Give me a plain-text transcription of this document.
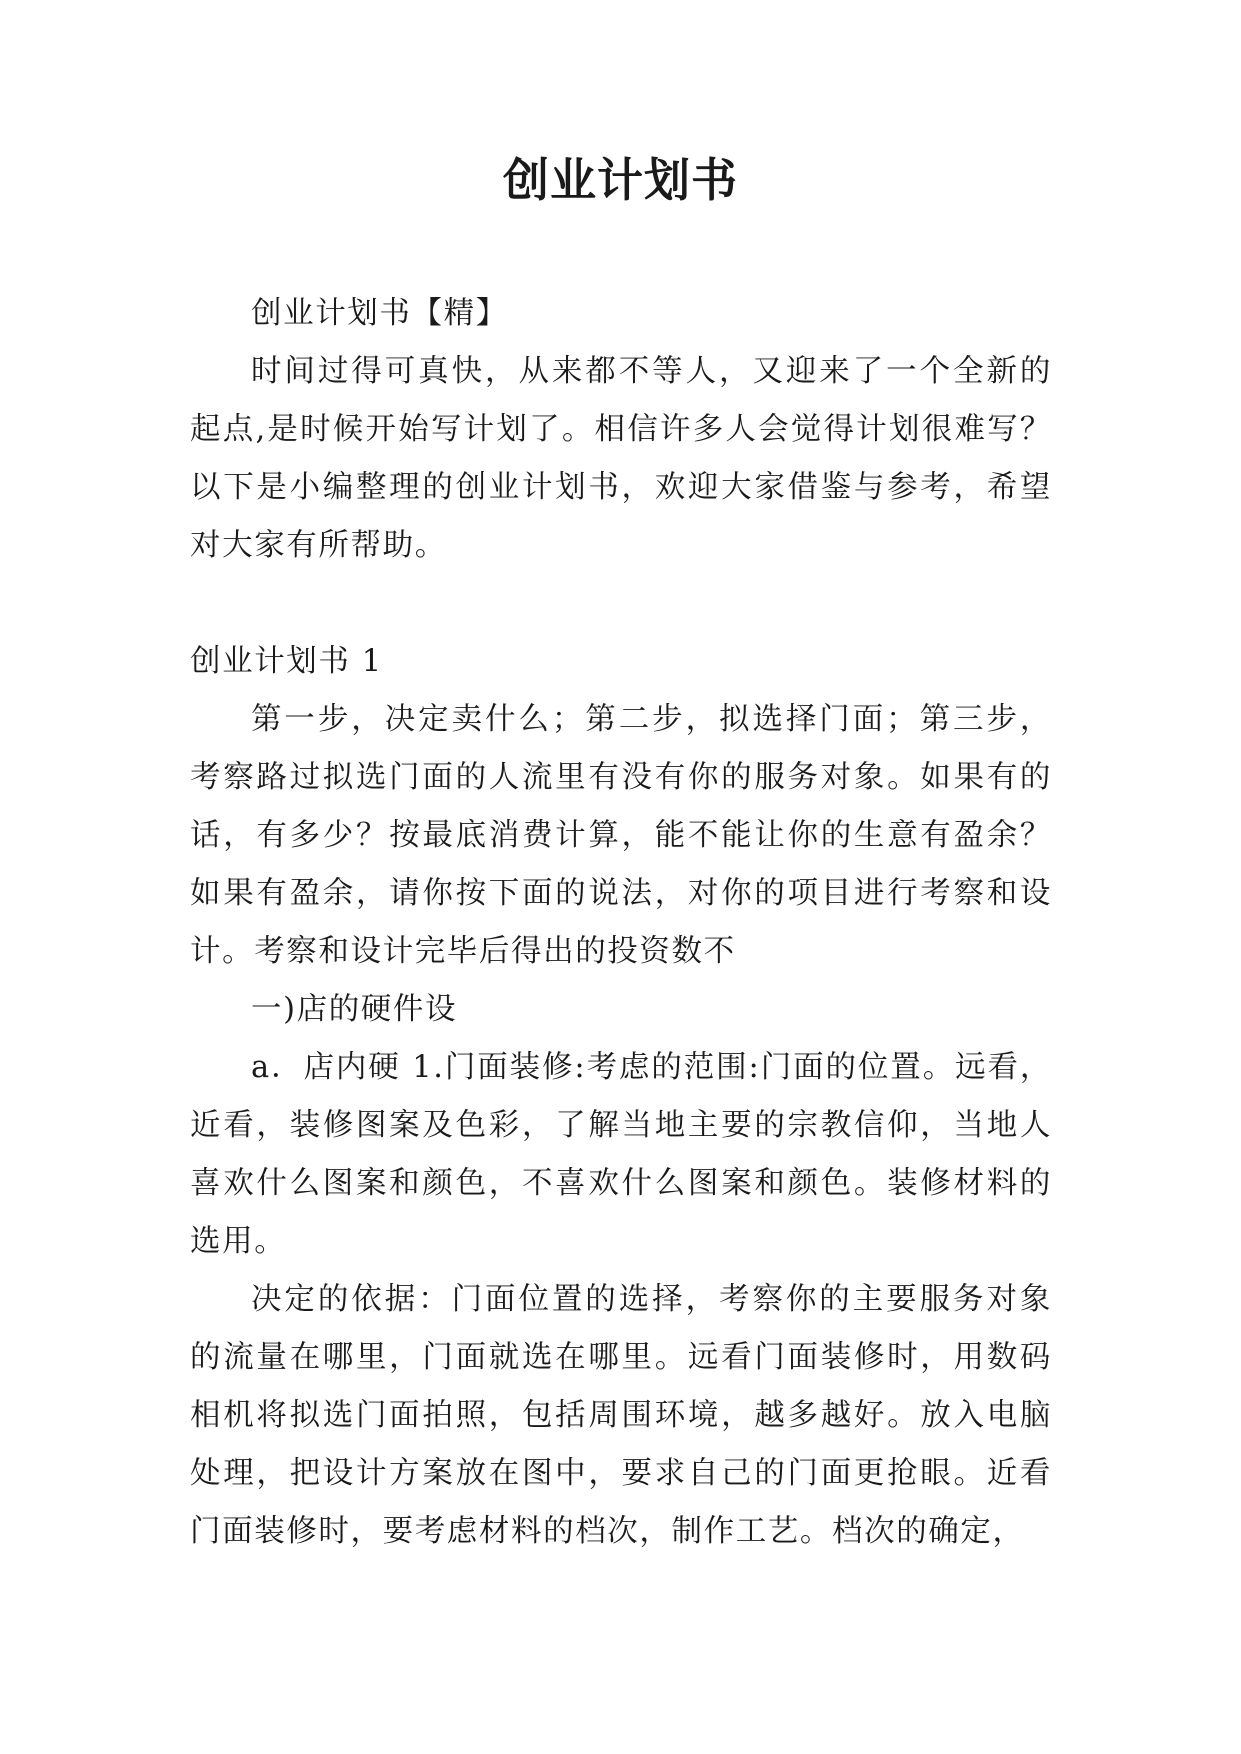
创业计划书

创业计划书【精】

时间过得可真快，从来都不等人，又迎来了一个全新的起点,是时候开始写计划了。相信许多人会觉得计划很难写？以下是小编整理的创业计划书，欢迎大家借鉴与参考，希望对大家有所帮助。

创业计划书 1

第一步，决定卖什么；第二步，拟选择门面；第三步，考察路过拟选门面的人流里有没有你的服务对象。如果有的话，有多少？按最底消费计算，能不能让你的生意有盈余？如果有盈余，请你按下面的说法，对你的项目进行考察和设计。考察和设计完毕后得出的投资数不

一)店的硬件设

a．店内硬 1.门面装修:考虑的范围:门面的位置。远看，近看，装修图案及色彩，了解当地主要的宗教信仰，当地人喜欢什么图案和颜色，不喜欢什么图案和颜色。装修材料的选用。

决定的依据：门面位置的选择，考察你的主要服务对象的流量在哪里，门面就选在哪里。远看门面装修时，用数码相机将拟选门面拍照，包括周围环境，越多越好。放入电脑处理，把设计方案放在图中，要求自己的门面更抢眼。近看门面装修时，要考虑材料的档次，制作工艺。档次的确定，
